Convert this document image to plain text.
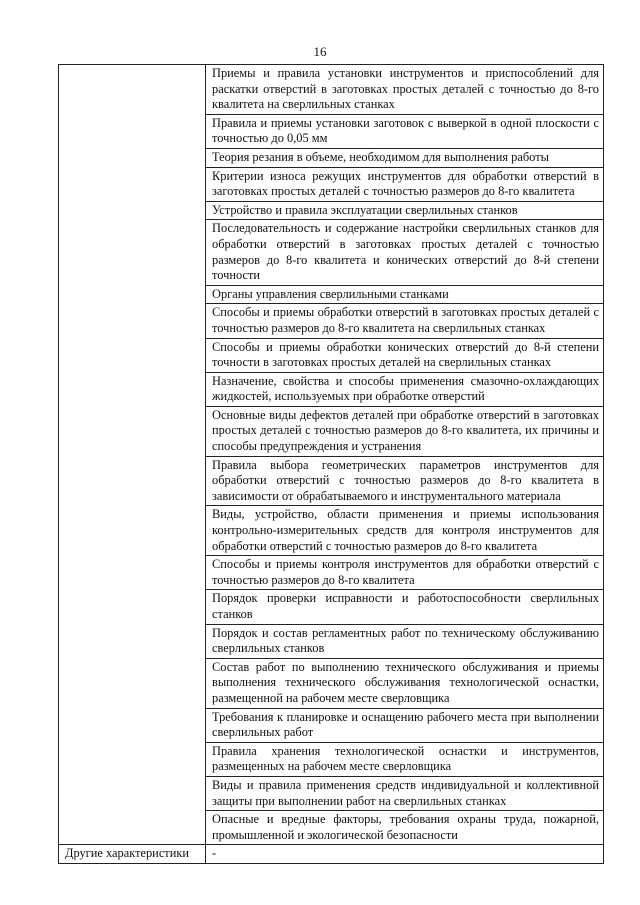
16
	Приемы и правила установки инструментов и приспособлений для раскатки отверстий в заготовках простых деталей с точностью до 8-го квалитета на сверлильных станках
	Правила и приемы установки заготовок с выверкой в одной плоскости с точностью до 0,05 мм
	Теория резания в объеме, необходимом для выполнения работы
	Критерии износа режущих инструментов для обработки отверстий в заготовках простых деталей с точностью размеров до 8-го квалитета
	Устройство и правила эксплуатации сверлильных станков
	Последовательность и содержание настройки сверлильных станков для обработки отверстий в заготовках простых деталей с точностью размеров до 8-го квалитета и конических отверстий до 8-й степени точности
	Органы управления сверлильными станками
	Способы и приемы обработки отверстий в заготовках простых деталей с точностью размеров до 8-го квалитета на сверлильных станках
	Способы и приемы обработки конических отверстий до 8-й степени точности в заготовках простых деталей на сверлильных станках
	Назначение, свойства и способы применения смазочно-охлаждающих жидкостей, используемых при обработке отверстий
	Основные виды дефектов деталей при обработке отверстий в заготовках простых деталей с точностью размеров до 8-го квалитета, их причины и способы предупреждения и устранения
	Правила выбора геометрических параметров инструментов для обработки отверстий с точностью размеров до 8-го квалитета в зависимости от обрабатываемого и инструментального материала
	Виды, устройство, области применения и приемы использования контрольно-измерительных средств для контроля инструментов для обработки отверстий с точностью размеров до 8-го квалитета
	Способы и приемы контроля инструментов для обработки отверстий с точностью размеров до 8-го квалитета
	Порядок проверки исправности и работоспособности сверлильных станков
	Порядок и состав регламентных работ по техническому обслуживанию сверлильных станков
	Состав работ по выполнению технического обслуживания и приемы выполнения технического обслуживания технологической оснастки, размещенной на рабочем месте сверловщика
	Требования к планировке и оснащению рабочего места при выполнении сверлильных работ
	Правила хранения технологической оснастки и инструментов, размещенных на рабочем месте сверловщика
	Виды и правила применения средств индивидуальной и коллективной защиты при выполнении работ на сверлильных станках
	Опасные и вредные факторы, требования охраны труда, пожарной, промышленной и экологической безопасности
Другие характеристики	-
